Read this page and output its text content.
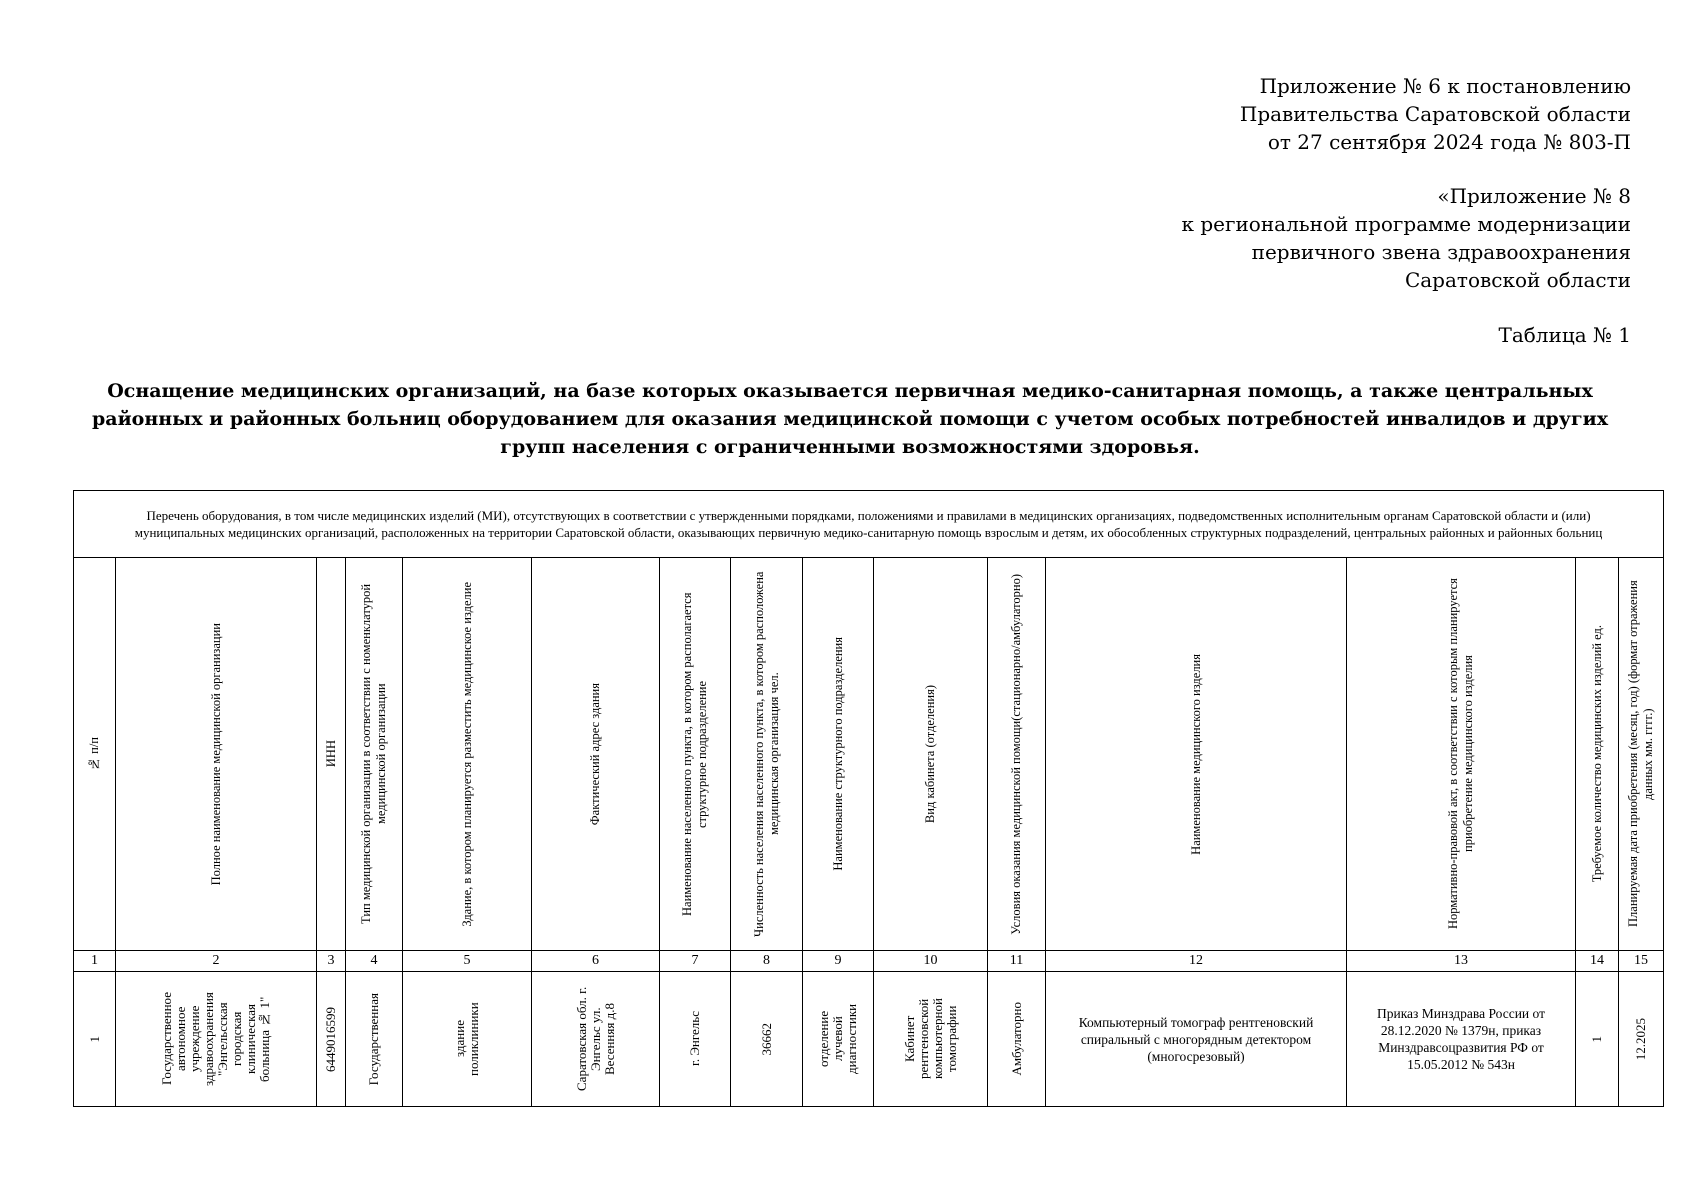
Приложение № 6 к постановлению
Правительства Саратовской области
от 27 сентября 2024 года № 803-П
«Приложение № 8
к региональной программе модернизации
первичного звена здравоохранения
Саратовской области
Таблица № 1
Оснащение медицинских организаций, на базе которых оказывается первичная медико-санитарная помощь, а также центральных районных и районных больниц оборудованием для оказания медицинской помощи с учетом особых потребностей инвалидов и других групп населения с ограниченными возможностями здоровья.
Перечень оборудования, в том числе медицинских изделий (МИ), отсутствующих в соответствии с утвержденными порядками, положениями и правилами в медицинских организациях, подведомственных исполнительным органам Саратовской области и (или) муниципальных медицинских организаций, расположенных на территории Саратовской области, оказывающих первичную медико-санитарную помощь взрослым и детям, их обособленных структурных подразделений, центральных районных и районных больниц														

№ п/п	Полное наименование медицинской организации	ИНН	Тип медицинской организации в соответствии с номенклатурой медицинской организации	Здание, в котором планируется разместить медицинское изделие	Фактический адрес здания	Наименование населенного пункта, в котором располагается структурное подразделение	Численность населения населенного пункта, в котором расположена медицинская организация чел.	Наименование структурного подразделения	Вид кабинета (отделения)	Условия оказания медицинской помощи(стационарно/амбулаторно)	Наименование медицинского изделия	Нормативно-правовой акт, в соответствии с которым планируется приобретение медицинского изделия	Требуемое количество медицинских изделий ед.	Планируемая дата приобретения (месяц, год) (формат отражения данных мм. гггг.)

1	2	3	4	5	6	7	8	9	10	11	12	13	14	15

1	Государственное автономное учреждение здравоохранения "Энгельсская городская клиническая больница № 1"	6449016599	Государственная	здание поликлиники	Саратовская обл. г. Энгельс ул. Весенняя д.8	г. Энгельс	36662	отделение лучевой диагностики	Кабинет рентгеновской компьютерной томографии	Амбулаторно	Компьютерный томограф рентгеновский спиральный с многорядным детектором (многосрезовый)	Приказ Минздрава России от 28.12.2020 № 1379н, приказ Минздравсоцразвития РФ от 15.05.2012 № 543н	1	12.2025
